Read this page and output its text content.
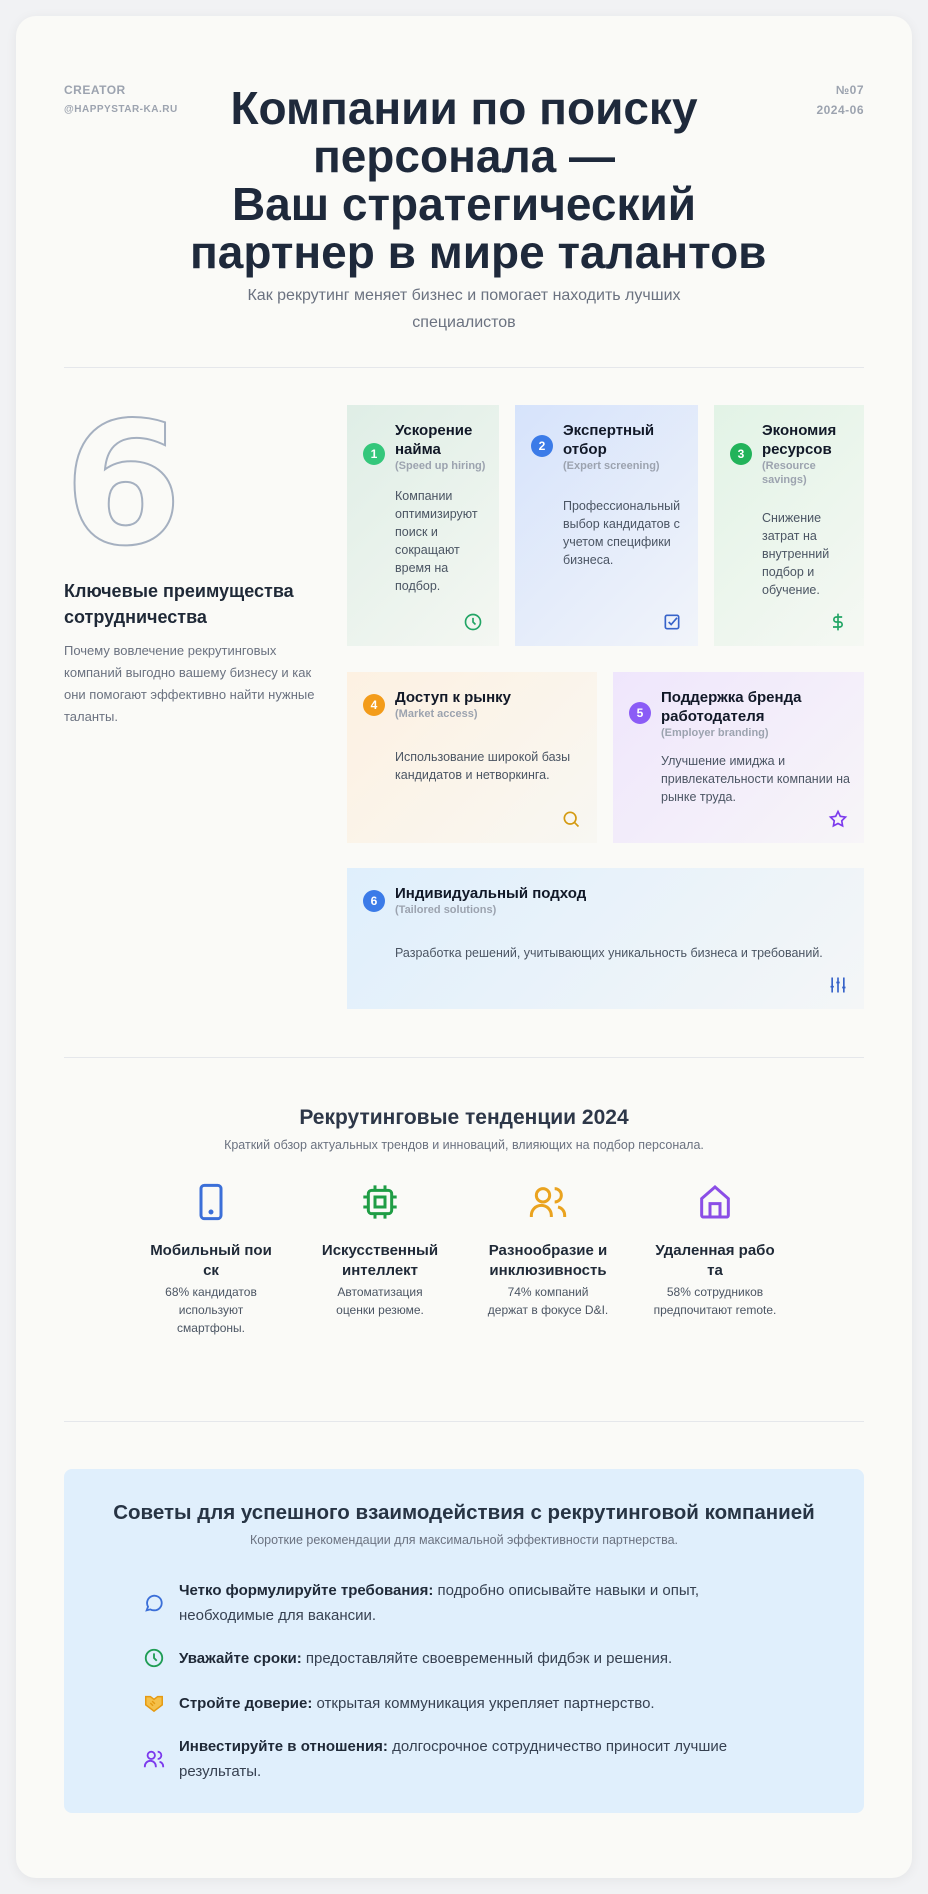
CREATOR
@HAPPYSTAR-KA.RU
№07
2024-06
Компании по поиску
персонала —
Ваш стратегический
партнер в мире талантов
Как рекрутинг меняет бизнес и помогает находить лучших специалистов
6
Ключевые преимущества сотрудничества

Почему вовлечение рекрутинговых компаний выгодно вашему бизнесу и как они помогают эффективно найти нужные таланты.

1
Ускорение найма
(Speed up hiring)

Компании оптимизируют поиск и сокращают время на подбор.

2
Экспертный отбор
(Expert screening)

Профессиональный выбор кандидатов с учетом специфики бизнеса.

3
Экономия ресурсов
(Resource savings)

Снижение затрат на внутренний подбор и обучение.

4	Доступ к рынку
(Market access)

Использование широкой базы кандидатов и нетворкинга.

5
Поддержка бренда работодателя
(Employer branding)

Улучшение имиджа и привлекательности компании на рынке труда.

6	Индивидуальный подход
(Tailored solutions)

Разработка решений, учитывающих уникальность бизнеса и требований.

Рекрутинговые тенденции 2024

Краткий обзор актуальных трендов и инноваций, влияющих на подбор персонала.

Мобильный поиск

68% кандидатов используют смартфоны.

Искусственный интеллект

Автоматизация оценки резюме.

Разнообразие и инклюзивность

74% компаний держат в фокусе D&I.

Удаленная работа

58% сотрудников предпочитают remote.

Советы для успешного взаимодействия с рекрутинговой компанией

Короткие рекомендации для максимальной эффективности партнерства.

Четко формулируйте требования: подробно описывайте навыки и опыт, необходимые для вакансии.
Уважайте сроки: предоставляйте своевременный фидбэк и решения.
Стройте доверие: открытая коммуникация укрепляет партнерство.
Инвестируйте в отношения: долгосрочное сотрудничество приносит лучшие результаты.
